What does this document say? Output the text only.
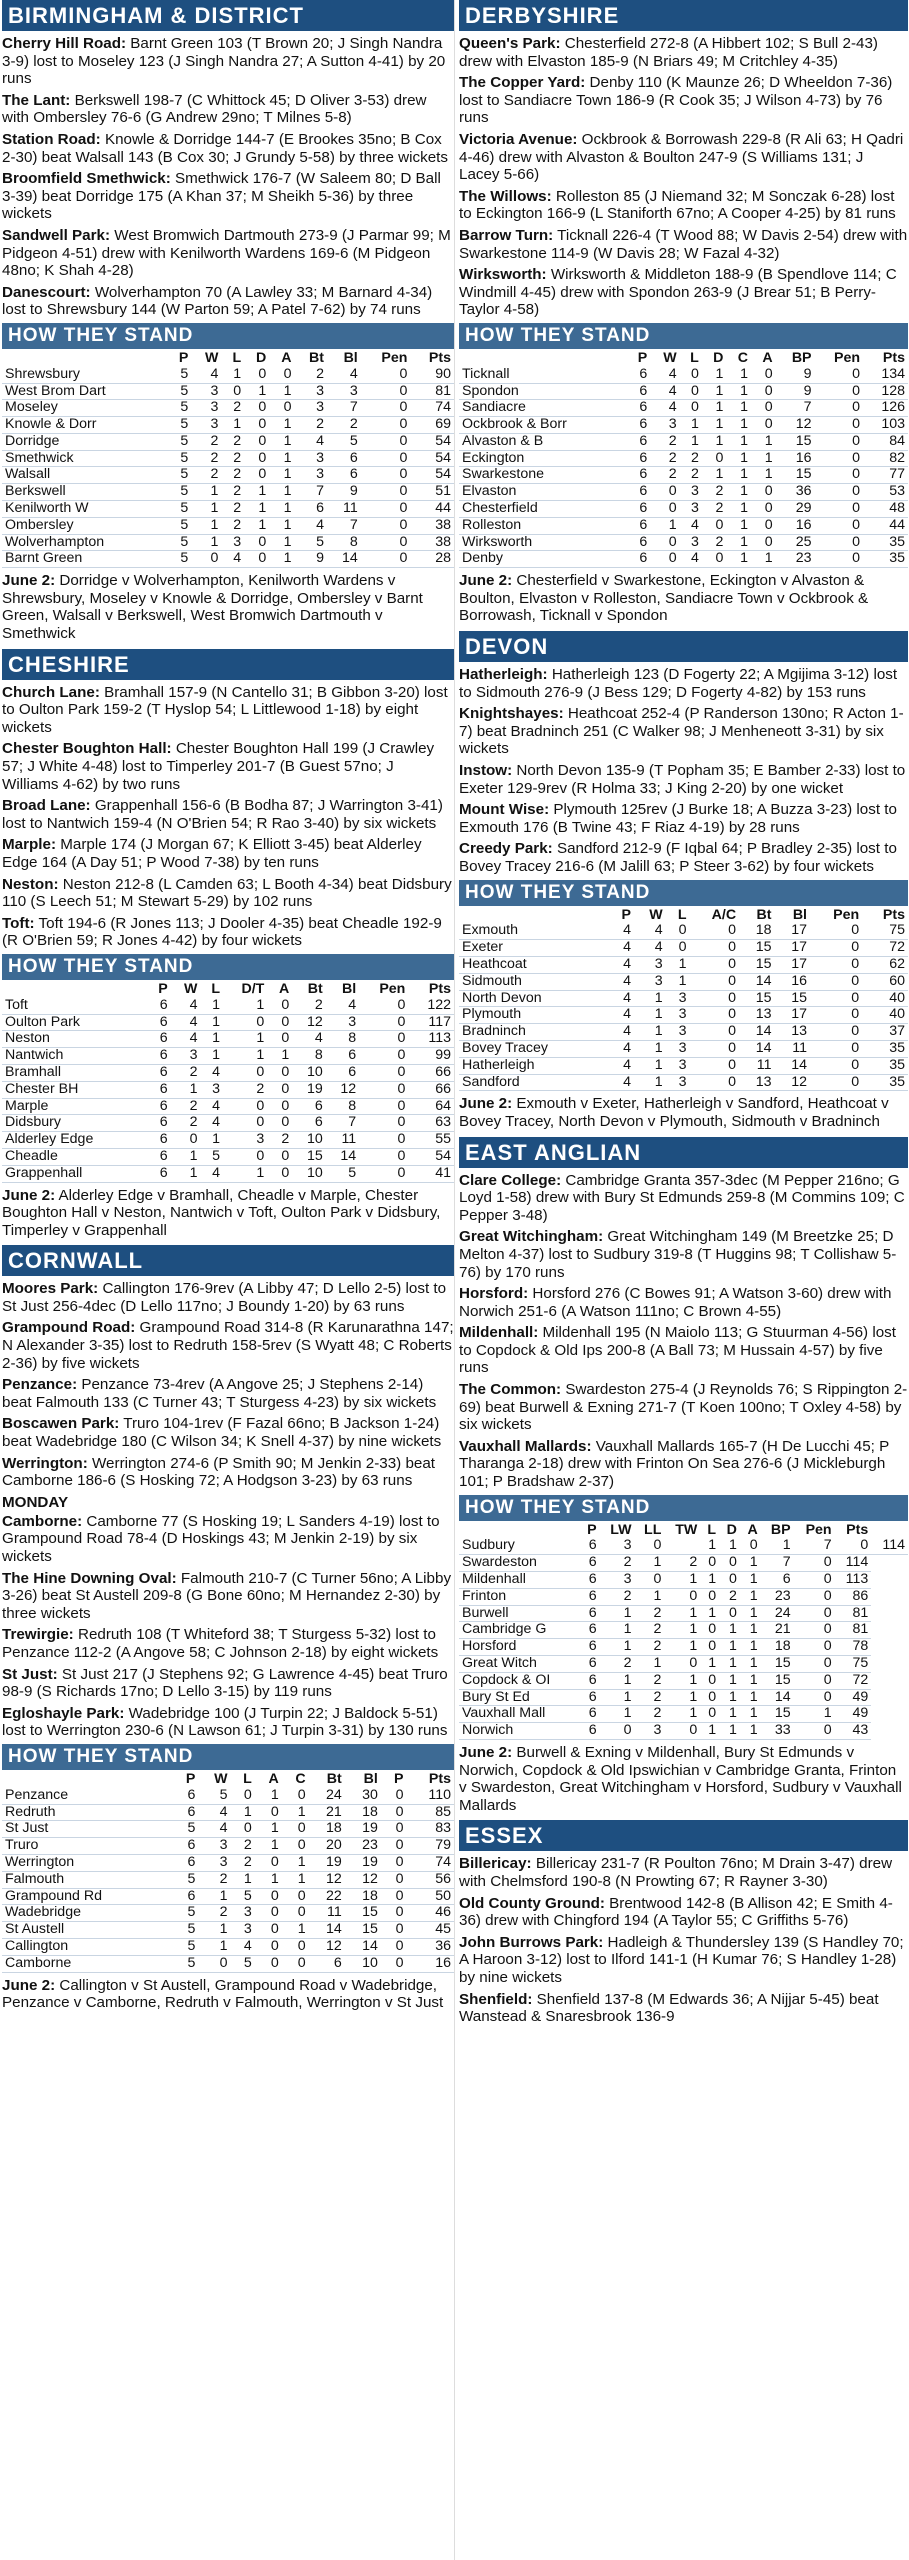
BIRMINGHAM & DISTRICT

Cherry Hill Road: Barnt Green 103 (T Brown 20; J Singh Nandra 3-9) lost to Moseley 123 (J Singh Nandra 27; A Sutton 4-41) by 20 runs

The Lant: Berkswell 198-7 (C Whittock 45; D Oliver 3-53) drew with Ombersley 76-6 (G Andrew 29no; T Milnes 5-8)

Station Road: Knowle & Dorridge 144-7 (E Brookes 35no; B Cox 2-30) beat Walsall 143 (B Cox 30; J Grundy 5-58) by three wickets

Broomfield Smethwick: Smethwick 176-7 (W Saleem 80; D Ball 3-39) beat Dorridge 175 (A Khan 37; M Sheikh 5-36) by three wickets

Sandwell Park: West Bromwich Dartmouth 273-9 (J Parmar 99; M Pidgeon 4-51) drew with Kenilworth Wardens 169-6 (M Pidgeon 48no; K Shah 4-28)

Danescourt: Wolverhampton 70 (A Lawley 33; M Barnard 4-34) lost to Shrewsbury 144 (W Parton 59; A Patel 7-62) by 74 runs

HOW THEY STAND
	P	W	L	D	A	Bt	Bl	Pen	Pts
Shrewsbury	5	4	1	0	0	2	4	0	90
West Brom Dart	5	3	0	1	1	3	3	0	81
Moseley	5	3	2	0	0	3	7	0	74
Knowle & Dorr	5	3	1	0	1	2	2	0	69
Dorridge	5	2	2	0	1	4	5	0	54
Smethwick	5	2	2	0	1	3	6	0	54
Walsall	5	2	2	0	1	3	6	0	54
Berkswell	5	1	2	1	1	7	9	0	51
Kenilworth W	5	1	2	1	1	6	11	0	44
Ombersley	5	1	2	1	1	4	7	0	38
Wolverhampton	5	1	3	0	1	5	8	0	38
Barnt Green	5	0	4	0	1	9	14	0	28

June 2: Dorridge v Wolverhampton, Kenilworth Wardens v Shrewsbury, Moseley v Knowle & Dorridge, Ombersley v Barnt Green, Walsall v Berkswell, West Bromwich Dartmouth v Smethwick

CHESHIRE

Church Lane: Bramhall 157-9 (N Cantello 31; B Gibbon 3-20) lost to Oulton Park 159-2 (T Hyslop 54; L Littlewood 1-18) by eight wickets

Chester Boughton Hall: Chester Boughton Hall 199 (J Crawley 57; J White 4-48) lost to Timperley 201-7 (B Guest 57no; J Williams 4-62) by two runs

Broad Lane: Grappenhall 156-6 (B Bodha 87; J Warrington 3-41) lost to Nantwich 159-4 (N O'Brien 54; R Rao 3-40) by six wickets

Marple: Marple 174 (J Morgan 67; K Elliott 3-45) beat Alderley Edge 164 (A Day 51; P Wood 7-38) by ten runs

Neston: Neston 212-8 (L Camden 63; L Booth 4-34) beat Didsbury 110 (S Leech 51; M Stewart 5-29) by 102 runs

Toft: Toft 194-6 (R Jones 113; J Dooler 4-35) beat Cheadle 192-9 (R O'Brien 59; R Jones 4-42) by four wickets

HOW THEY STAND
	P	W	L	D/T	A	Bt	Bl	Pen	Pts
Toft	6	4	1	1	0	2	4	0	122
Oulton Park	6	4	1	0	0	12	3	0	117
Neston	6	4	1	1	0	4	8	0	113
Nantwich	6	3	1	1	1	8	6	0	99
Bramhall	6	2	4	0	0	10	6	0	66
Chester BH	6	1	3	2	0	19	12	0	66
Marple	6	2	4	0	0	6	8	0	64
Didsbury	6	2	4	0	0	6	7	0	63
Alderley Edge	6	0	1	3	2	10	11	0	55
Cheadle	6	1	5	0	0	15	14	0	54
Grappenhall	6	1	4	1	0	10	5	0	41

June 2: Alderley Edge v Bramhall, Cheadle v Marple, Chester Boughton Hall v Neston, Nantwich v Toft, Oulton Park v Didsbury, Timperley v Grappenhall

CORNWALL

Moores Park: Callington 176-9rev (A Libby 47; D Lello 2-5) lost to St Just 256-4dec (D Lello 117no; J Boundy 1-20) by 63 runs

Grampound Road: Grampound Road 314-8 (R Karunarathna 147; N Alexander 3-35) lost to Redruth 158-5rev (S Wyatt 48; C Roberts 2-36) by five wickets

Penzance: Penzance 73-4rev (A Angove 25; J Stephens 2-14) beat Falmouth 133 (C Turner 43; T Sturgess 4-23) by six wickets

Boscawen Park: Truro 104-1rev (F Fazal 66no; B Jackson 1-24) beat Wadebridge 180 (C Wilson 34; K Snell 4-37) by nine wickets

Werrington: Werrington 274-6 (P Smith 90; M Jenkin 2-33) beat Camborne 186-6 (S Hosking 72; A Hodgson 3-23) by 63 runs

MONDAY

Camborne: Camborne 77 (S Hosking 19; L Sanders 4-19) lost to Grampound Road 78-4 (D Hoskings 43; M Jenkin 2-19) by six wickets

The Hine Downing Oval: Falmouth 210-7 (C Turner 56no; A Libby 3-26) beat St Austell 209-8 (G Bone 60no; M Hernandez 2-30) by three wickets

Trewirgie: Redruth 108 (T Whiteford 38; T Sturgess 5-32) lost to Penzance 112-2 (A Angove 58; C Johnson 2-18) by eight wickets

St Just: St Just 217 (J Stephens 92; G Lawrence 4-45) beat Truro 98-9 (S Richards 17no; D Lello 3-15) by 119 runs

Egloshayle Park: Wadebridge 100 (J Turpin 22; J Baldock 5-51) lost to Werrington 230-6 (N Lawson 61; J Turpin 3-31) by 130 runs

HOW THEY STAND
	P	W	L	A	C	Bt	Bl	P	Pts
Penzance	6	5	0	1	0	24	30	0	110
Redruth	6	4	1	0	1	21	18	0	85
St Just	5	4	0	1	0	18	19	0	83
Truro	6	3	2	1	0	20	23	0	79
Werrington	6	3	2	0	1	19	19	0	74
Falmouth	5	2	1	1	1	12	12	0	56
Grampound Rd	6	1	5	0	0	22	18	0	50
Wadebridge	5	2	3	0	0	11	15	0	46
St Austell	5	1	3	0	1	14	15	0	45
Callington	5	1	4	0	0	12	14	0	36
Camborne	5	0	5	0	0	6	10	0	16

June 2: Callington v St Austell, Grampound Road v Wadebridge, Penzance v Camborne, Redruth v Falmouth, Werrington v St Just

DERBYSHIRE

Queen's Park: Chesterfield 272-8 (A Hibbert 102; S Bull 2-43) drew with Elvaston 185-9 (N Briars 49; M Critchley 4-35)

The Copper Yard: Denby 110 (K Maunze 26; D Wheeldon 7-36) lost to Sandiacre Town 186-9 (R Cook 35; J Wilson 4-73) by 76 runs

Victoria Avenue: Ockbrook & Borrowash 229-8 (R Ali 63; H Qadri 4-46) drew with Alvaston & Boulton 247-9 (S Williams 131; J Lacey 5-66)

The Willows: Rolleston 85 (J Niemand 32; M Sonczak 6-28) lost to Eckington 166-9 (L Staniforth 67no; A Cooper 4-25) by 81 runs

Barrow Turn: Ticknall 226-4 (T Wood 88; W Davis 2-54) drew with Swarkestone 114-9 (W Davis 28; W Fazal 4-32)

Wirksworth: Wirksworth & Middleton 188-9 (B Spendlove 114; C Windmill 4-45) drew with Spondon 263-9 (J Brear 51; B Perry-Taylor 4-58)

HOW THEY STAND
	P	W	L	D	C	A	BP	Pen	Pts
Ticknall	6	4	0	1	1	0	9	0	134
Spondon	6	4	0	1	1	0	9	0	128
Sandiacre	6	4	0	1	1	0	7	0	126
Ockbrook & Borr	6	3	1	1	1	0	12	0	103
Alvaston & B	6	2	1	1	1	1	15	0	84
Eckington	6	2	2	0	1	1	16	0	82
Swarkestone	6	2	2	1	1	1	15	0	77
Elvaston	6	0	3	2	1	0	36	0	53
Chesterfield	6	0	3	2	1	0	29	0	48
Rolleston	6	1	4	0	1	0	16	0	44
Wirksworth	6	0	3	2	1	0	25	0	35
Denby	6	0	4	0	1	1	23	0	35

June 2: Chesterfield v Swarkestone, Eckington v Alvaston & Boulton, Elvaston v Rolleston, Sandiacre Town v Ockbrook & Borrowash, Ticknall v Spondon

DEVON

Hatherleigh: Hatherleigh 123 (D Fogerty 22; A Mgijima 3-12) lost to Sidmouth 276-9 (J Bess 129; D Fogerty 4-82) by 153 runs

Knightshayes: Heathcoat 252-4 (P Randerson 130no; R Acton 1-7) beat Bradninch 251 (C Walker 98; J Menheneott 3-31) by six wickets

Instow: North Devon 135-9 (T Popham 35; E Bamber 2-33) lost to Exeter 129-9rev (R Holma 33; J King 2-20) by one wicket

Mount Wise: Plymouth 125rev (J Burke 18; A Buzza 3-23) lost to Exmouth 176 (B Twine 43; F Riaz 4-19) by 28 runs

Creedy Park: Sandford 212-9 (F Iqbal 64; P Bradley 2-35) lost to Bovey Tracey 216-6 (M Jalill 63; P Steer 3-62) by four wickets

HOW THEY STAND
	P	W	L	A/C	Bt	Bl	Pen	Pts
Exmouth	4	4	0	0	18	17	0	75
Exeter	4	4	0	0	15	17	0	72
Heathcoat	4	3	1	0	15	17	0	62
Sidmouth	4	3	1	0	14	16	0	60
North Devon	4	1	3	0	15	15	0	40
Plymouth	4	1	3	0	13	17	0	40
Bradninch	4	1	3	0	14	13	0	37
Bovey Tracey	4	1	3	0	14	11	0	35
Hatherleigh	4	1	3	0	11	14	0	35
Sandford	4	1	3	0	13	12	0	35

June 2: Exmouth v Exeter, Hatherleigh v Sandford, Heathcoat v Bovey Tracey, North Devon v Plymouth, Sidmouth v Bradninch

EAST ANGLIAN

Clare College: Cambridge Granta 357-3dec (M Pepper 216no; G Loyd 1-58) drew with Bury St Edmunds 259-8 (M Commins 109; C Pepper 3-48)

Great Witchingham: Great Witchingham 149 (M Breetzke 25; D Melton 4-37) lost to Sudbury 319-8 (T Huggins 98; T Collishaw 5-76) by 170 runs

Horsford: Horsford 276 (C Bowes 91; A Watson 3-60) drew with Norwich 251-6 (A Watson 111no; C Brown 4-55)

Mildenhall: Mildenhall 195 (N Maiolo 113; G Stuurman 4-56) lost to Copdock & Old Ips 200-8 (A Ball 73; M Hussain 4-57) by five runs

The Common: Swardeston 275-4 (J Reynolds 76; S Rippington 2-69) beat Burwell & Exning 271-7 (T Koen 100no; T Oxley 4-58) by six wickets

Vauxhall Mallards: Vauxhall Mallards 165-7 (H De Lucchi 45; P Tharanga 2-18) drew with Frinton On Sea 276-6 (J Mickleburgh 101; P Bradshaw 2-37)

HOW THEY STAND
	P	LW	LL	TW	L	D	A	BP	Pen	Pts	
Sudbury	6	3	0		1	1	0	1	7	0	114
Swardeston	6	2	1	2	0	0	1	7	0	114	
Mildenhall	6	3	0	1	1	0	1	6	0	113	
Frinton	6	2	1	0	0	2	1	23	0	86	
Burwell	6	1	2	1	1	0	1	24	0	81	
Cambridge G	6	1	2	1	0	1	1	21	0	81	
Horsford	6	1	2	1	0	1	1	18	0	78	
Great Witch	6	2	1	0	1	1	1	15	0	75	
Copdock & OI	6	1	2	1	0	1	1	15	0	72	
Bury St Ed	6	1	2	1	0	1	1	14	0	49	
Vauxhall Mall	6	1	2	1	0	1	1	15	1	49	
Norwich	6	0	3	0	1	1	1	33	0	43	

June 2: Burwell & Exning v Mildenhall, Bury St Edmunds v Norwich, Copdock & Old Ipswichian v Cambridge Granta, Frinton v Swardeston, Great Witchingham v Horsford, Sudbury v Vauxhall Mallards

ESSEX

Billericay: Billericay 231-7 (R Poulton 76no; M Drain 3-47) drew with Chelmsford 190-8 (N Prowting 67; R Rayner 3-30)

Old County Ground: Brentwood 142-8 (B Allison 42; E Smith 4-36) drew with Chingford 194 (A Taylor 55; C Griffiths 5-76)

John Burrows Park: Hadleigh & Thundersley 139 (S Handley 70; A Haroon 3-12) lost to Ilford 141-1 (H Kumar 76; S Handley 1-28) by nine wickets

Shenfield: Shenfield 137-8 (M Edwards 36; A Nijjar 5-45) beat Wanstead & Snaresbrook 136-9
